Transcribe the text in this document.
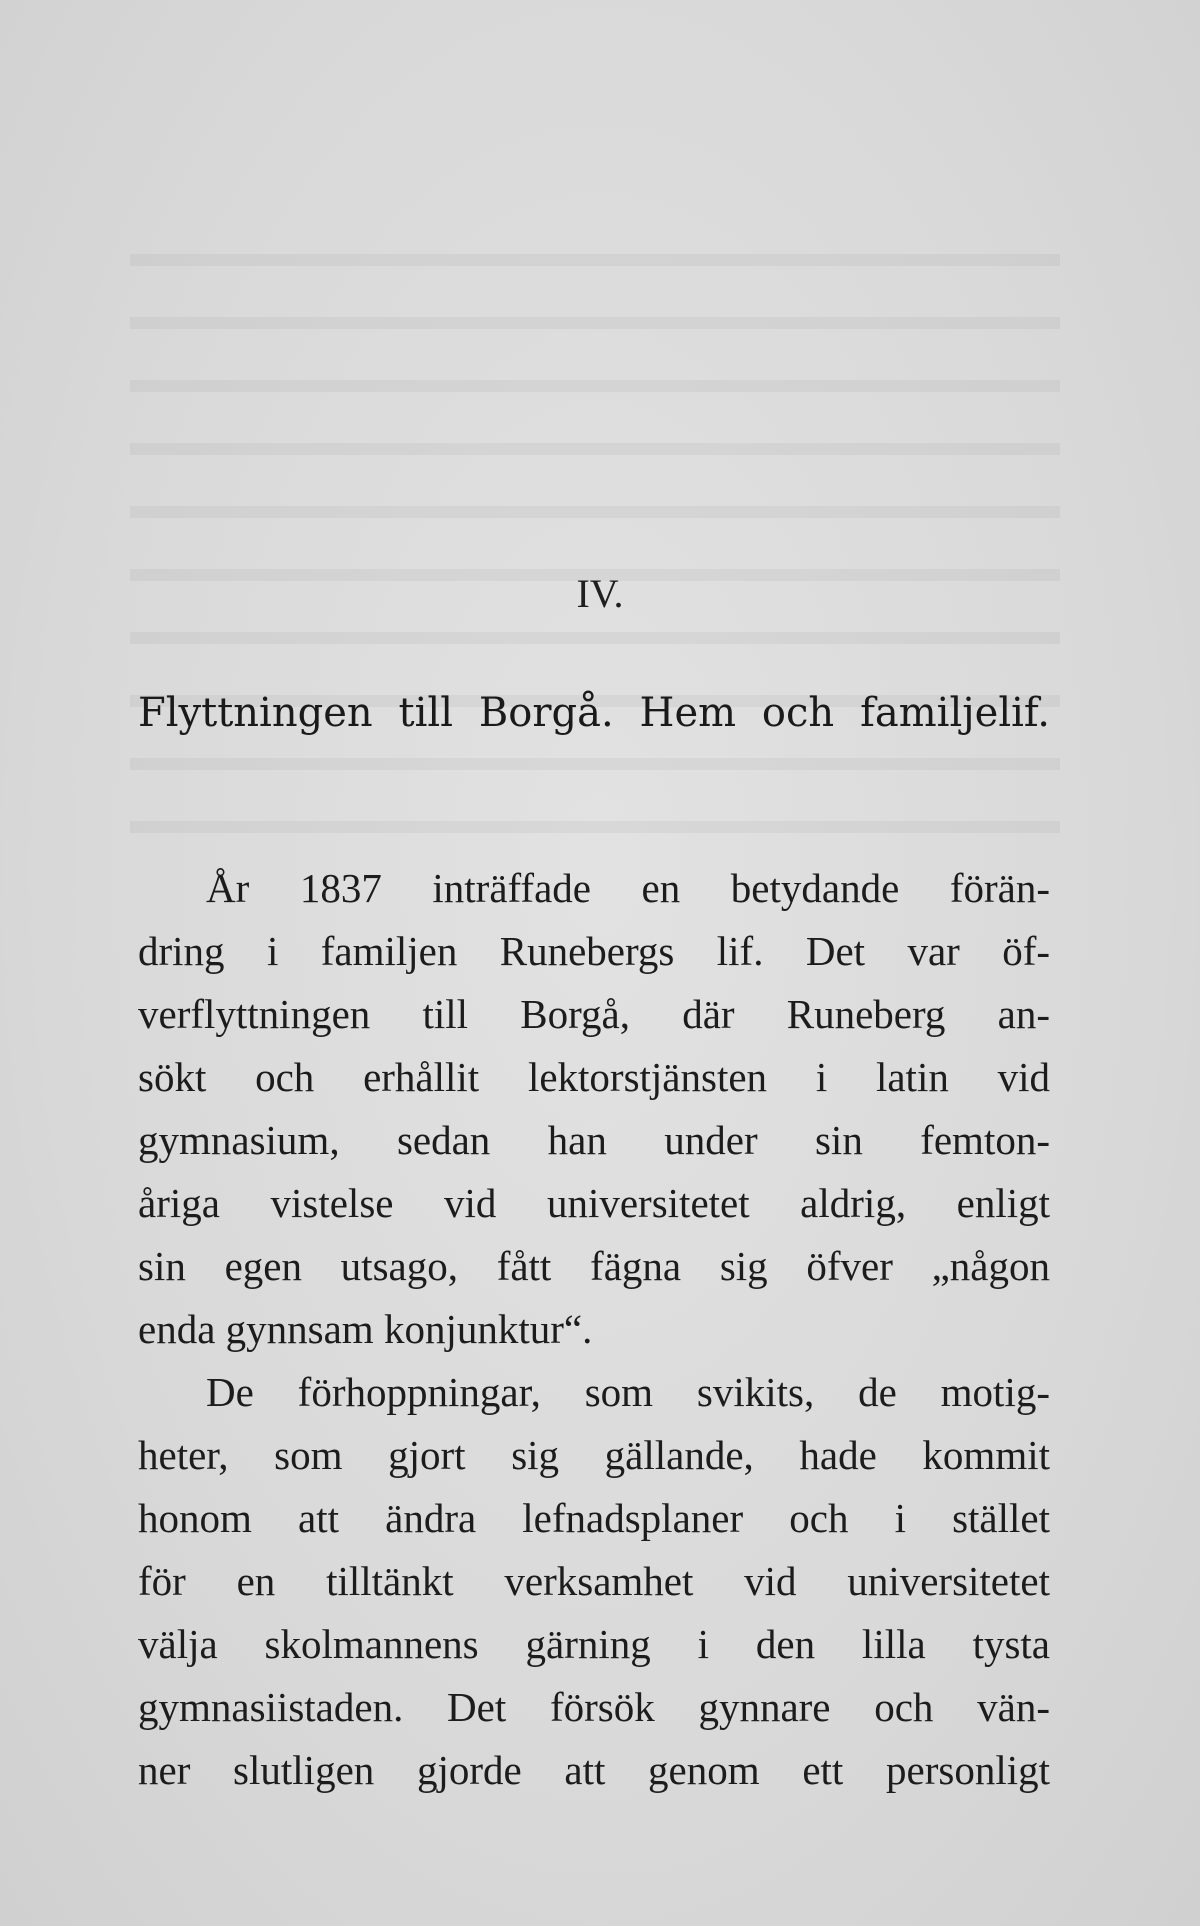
IV.
Flyttningen till Borgå. Hem och familjelif.
År 1837 inträffade en betydande förän-
dring i familjen Runebergs lif. Det var öf-
verflyttningen till Borgå, där Runeberg an-
sökt och erhållit lektorstjänsten i latin vid
gymnasium, sedan han under sin femton-
åriga vistelse vid universitetet aldrig, enligt
sin egen utsago, fått fägna sig öfver „någon
enda gynnsam konjunktur“.
De förhoppningar, som svikits, de motig-
heter, som gjort sig gällande, hade kommit
honom att ändra lefnadsplaner och i stället
för en tilltänkt verksamhet vid universitetet
välja skolmannens gärning i den lilla tysta
gymnasiistaden. Det försök gynnare och vän-
ner slutligen gjorde att genom ett personligt
